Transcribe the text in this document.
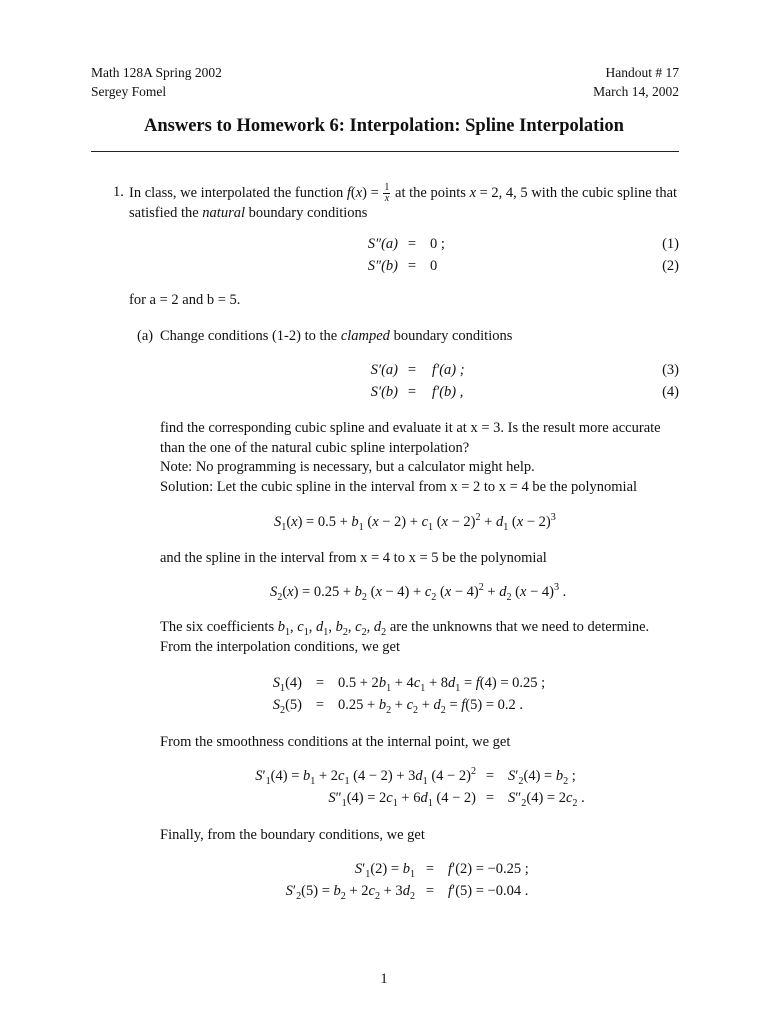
Math 128A Spring 2002
Sergey Fomel
Handout # 17
March 14, 2002
Answers to Homework 6: Interpolation: Spline Interpolation
1. In class, we interpolated the function $f(x) = \frac{1}{x}$ at the points x = 2, 4, 5 with the cubic spline that
satisfied the natural boundary conditions
S″(a) = 0 ;	(1)
S″(b) = 0	(2)
for a = 2 and b = 5.
(a) Change conditions (1-2) to the clamped boundary conditions
S′(a) =	f′(a) ;	(3)
S′(b) =	f′(b) ,	(4)
find the corresponding cubic spline and evaluate it at x = 3. Is the result more accurate
than the one of the natural cubic spline interpolation?
Note: No programming is necessary, but a calculator might help.
Solution: Let the cubic spline in the interval from x = 2 to x = 4 be the polynomial
$S_1(x) = 0.5 + b_1$ $(x - 2) + c_1$ $(x - 2)^2 + d_1$ $(x - 2)^3$
and the spline in the interval from x = 4 to x = 5 be the polynomial
$S_2(x) = 0.25 + b_2$ $(x - 4) + c_2$ $(x - 4)^2 + d_2$ $(x - 4)^3$ .
The six coefficients $b_1$, $c_1$, $d_1$, $b_2$, $c_2$, $d_2$ are the unknowns that we need to determine.
From the interpolation conditions, we get
$S_1(4) = 0.5 + 2b_1 + 4c_1 + 8d_1 = f(4) = 0.25$ ;
$S_2(5) = 0.25 + b_2 + c_2 + d_2 = f(5) = 0.2$ .
From the smoothness conditions at the internal point, we get
$S'_1(4) = b_1 + 2c_1$ $(4 - 2) + 3d_1$ $(4 - 2)^2 = S'_2(4) = b_2$ ;
$S''_1(4) = 2c_1 + 6d_1$ $(4 - 2) = S''_2(4) = 2c_2$ .
Finally, from the boundary conditions, we get
$S'_1(2) = b_1 = f'(2) = -0.25$ ;
$S'_2(5) = b_2 + 2c_2 + 3d_2 = f'(5) = -0.04$ .
1
